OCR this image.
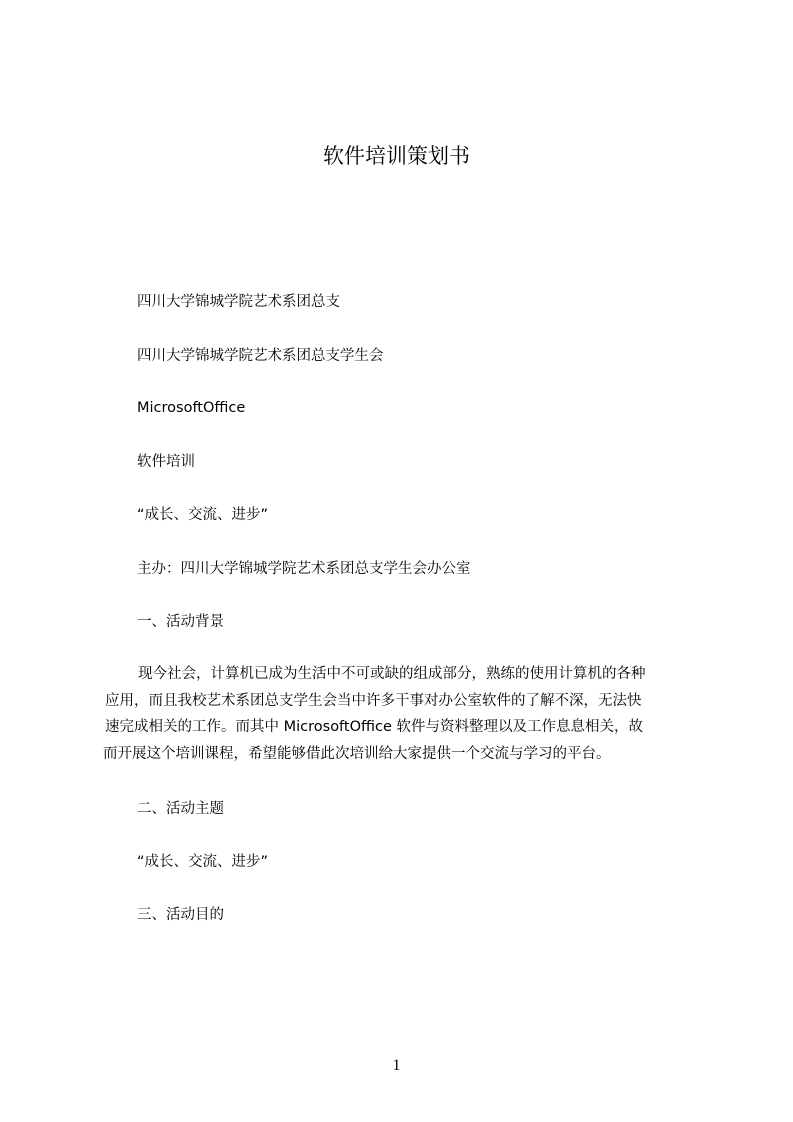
软件培训策划书
四川大学锦城学院艺术系团总支
四川大学锦城学院艺术系团总支学生会
MicrosoftOffice
软件培训
“成长、交流、进步”
主办：四川大学锦城学院艺术系团总支学生会办公室
一、活动背景
现今社会，计算机已成为生活中不可或缺的组成部分，熟练的使用计算机的各种
应用，而且我校艺术系团总支学生会当中许多干事对办公室软件的了解不深，无法快
速完成相关的工作。而其中 MicrosoftOffice 软件与资料整理以及工作息息相关，故
而开展这个培训课程，希望能够借此次培训给大家提供一个交流与学习的平台。
二、活动主题
“成长、交流、进步”
三、活动目的
1
